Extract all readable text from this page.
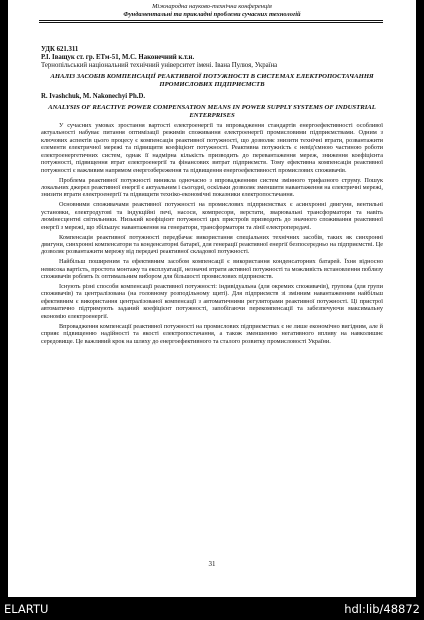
Міжнародна науково-технічна конференція
Фундаментальні та прикладні проблеми сучасних технологій
УДК 621.311
Р.І. Іващук ст. гр. ЕТм-51, М.С. Наконечний к.т.н.
Тернопільський національний технічний університет імені. Івана Пулюя, Україна
АНАЛІЗ ЗАСОБІВ КОМПЕНСАЦІЇ РЕАКТИВНОЇ ПОТУЖНОСТІ В СИСТЕМАХ ЕЛЕКТРОПОСТАЧАННЯ ПРОМИСЛОВИХ ПІДПРИЄМСТВ
R. Ivashchuk, M. Nakonechyi Ph.D.
ANALYSIS OF REACTIVE POWER COMPENSATION MEANS IN POWER SUPPLY SYSTEMS OF INDUSTRIAL ENTERPRISES

У сучасних умовах зростання вартості електроенергії та впровадження стандартів енергоефективності особливої актуальності набуває питання оптимізації режимів споживання електроенергії промисловими підприємствами. Одним з ключових аспектів цього процесу є компенсація реактивної потужності, що дозволяє знизити технічні втрати, розвантажити елементи електричної мережі та підвищити коефіцієнт потужності. Реактивна потужність є невід'ємною частиною роботи електроенергетичних систем, однак її надмірна кількість призводить до перевантаження мереж, зниження коефіцієнта потужності, підвищення втрат електроенергії та фінансових витрат підприємств. Тому ефективна компенсація реактивної потужності є важливим напрямом енергозбереження та підвищення енергоефективності промислових споживачів.

Проблема реактивної потужності виникла одночасно з впровадженням систем змінного трифазного струму. Пошук локальних джерел реактивної енергії є актуальним і сьогодні, оскільки дозволяє зменшити навантаження на електричні мережі, знизити втрати електроенергії та підвищити техніко-економічні показники електропостачання.

Основними споживачами реактивної потужності на промислових підприємствах є асинхронні двигуни, вентильні установки, електродугові та індукційні печі, насоси, компресори, верстати, зварювальні трансформатори та навіть люмінесцентні світильники. Низький коефіцієнт потужності цих пристроїв призводить до значного споживання реактивної енергії з мережі, що збільшує навантаження на генератори, трансформатори та лінії електропередачі.

Компенсація реактивної потужності передбачає використання спеціальних технічних засобів, таких як синхронні двигуни, синхронні компенсатори та конденсаторні батареї, для генерації реактивної енергії безпосередньо на підприємстві. Це дозволяє розвантажити мережу від передачі реактивної складової потужності.

Найбільш поширеним та ефективним засобом компенсації є використання конденсаторних батарей. Їхня відносно невисока вартість, простота монтажу та експлуатації, незначні втрати активної потужності та можливість встановлення поблизу споживачів роблять їх оптимальним вибором для більшості промислових підприємств.

Існують різні способи компенсації реактивної потужності: індивідуальна (для окремих споживачів), групова (для групи споживачів) та централізована (на головному розподільному щиті). Для підприємств зі змінним навантаженням найбільш ефективним є використання централізованої компенсації з автоматичними регуляторами реактивної потужності. Ці пристрої автоматично підтримують заданий коефіцієнт потужності, запобігаючи перекомпенсації та забезпечуючи максимальну економію електроенергії.

Впровадження компенсації реактивної потужності на промислових підприємствах є не лише економічно вигідним, але й сприяє підвищенню надійності та якості електропостачання, а також зменшенню негативного впливу на навколишнє середовище. Це важливий крок на шляху до енергоефективного та сталого розвитку промисловості України.

31
ELARTU	hdl:lib/48872
